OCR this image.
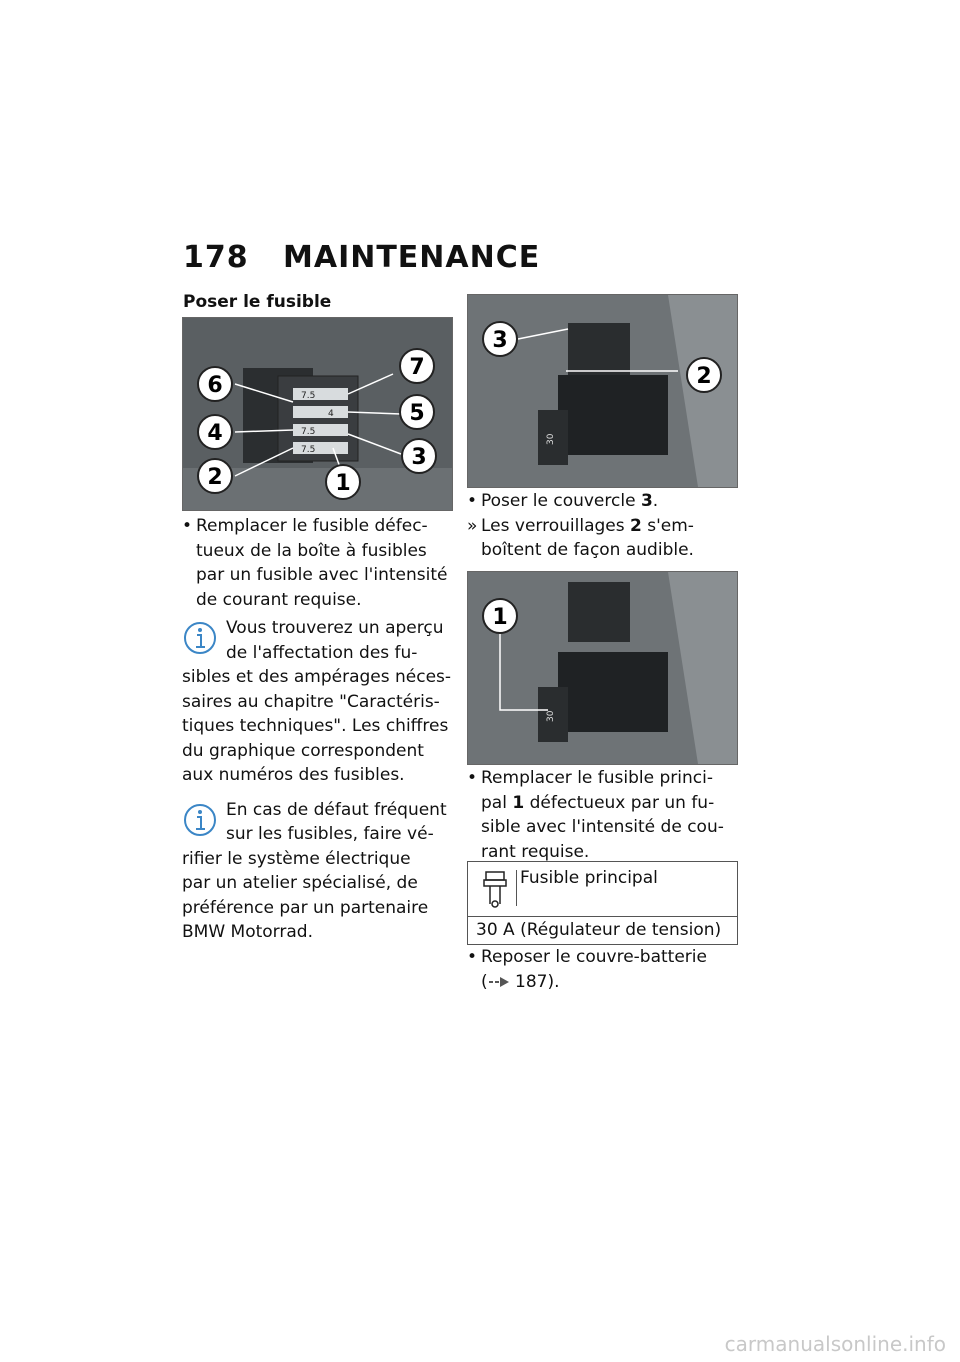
178 MAINTENANCE
Poser le fusible
7.5
4
7.5
7.5
6
7
4
5
2
3
1
30
3
2
30
1
• Remplacer le fusible défec-
tueux de la boîte à fusibles
par un fusible avec l'intensité
de courant requise.
Vous trouverez un aperçu
de l'affectation des fu-
sibles et des ampérages néces-
saires au chapitre "Caractéris-
tiques techniques". Les chiffres
du graphique correspondent
aux numéros des fusibles.
En cas de défaut fréquent
sur les fusibles, faire vé-
rifier le système électrique
par un atelier spécialisé, de
préférence par un partenaire
BMW Motorrad.
• Poser le couvercle 3.
» Les verrouillages 2 s'em-
boîtent de façon audible.
• Remplacer le fusible princi-
pal 1 défectueux par un fu-
sible avec l'intensité de cou-
rant requise.
Fusible principal
30 A (Régulateur de tension)
• Reposer le couvre-batterie
( 187).
carmanualsonline.info
